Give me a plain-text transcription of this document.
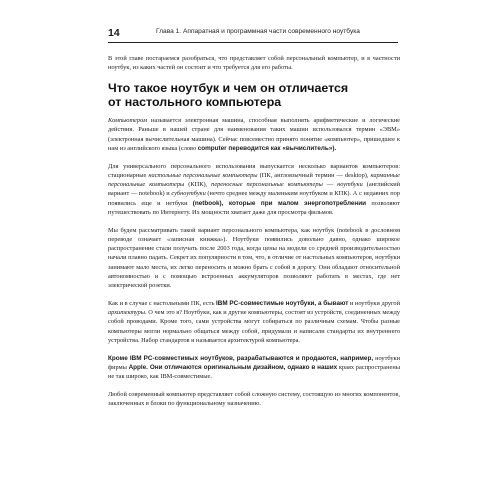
14	Глава 1. Аппаратная и программная части современного ноутбука

В этой главе постараемся разобраться, что представляет собой персональный компьютер, и в частности ноутбук, из каких частей он состоит и что требуется для его работы.

Что такое ноутбук и чем он отличается
от настольного компьютера

Компьютером называется электронная машина, способная выполнять арифметические и логические действия. Раньше в нашей стране для наименования таких машин использовался термин «ЭВМ» (электронная вычислительная машина). Сейчас повсеместно принято понятие «компьютер», пришедшее к нам из английского языка (слово computer переводится как «вычислитель»).

Для универсального персонального использования выпускается несколько вариантов компьютеров: стационарные настольные персональные компьютеры (ПК, англоязычный термин — desktop), карманные персональные компьютеры (КПК), переносные персональные компьютеры — ноутбуки (английский вариант — notebook) и субноутбуки (нечто среднее между маленьким ноутбуком и КПК). А с недавних пор появились еще и нетбуки (netbook), которые при малом энергопотреблении позволяют путешествовать по Интернету. Их мощности хватает даже для просмотра фильмов.

Мы будем рассматривать такой вариант персонального компьютера, как ноутбук (notebook в дословном переводе означает «записная книжка»). Ноутбуки появились довольно давно, однако широкое распространение стали получать после 2003 года, когда цены на модели со средней производительностью начали плавно падать. Секрет их популярности в том, что, в отличие от настольных компьютеров, ноутбуки занимают мало места, их легко переносить и можно брать с собой в дорогу. Они обладают относительной автономностью и с помощью встроенных аккумуляторов позволяют работать в местах, где нет электрической розетки.

Как и в случае с настольными ПК, есть IBM PC-совместимые ноутбуки, а бывают и ноутбуки другой архитектуры. О чем это я? Ноутбуки, как и другие компьютеры, состоят из устройств, соединенных между собой проводами. Кроме того, сами устройства могут собираться по различным схемам. Чтобы разные компьютеры могли нормально общаться между собой, придумали и написали стандарты их внутреннего устройства. Набор стандартов и называется архитектурой компьютера.

Кроме IBM PC-совместимых ноутбуков, разрабатываются и продаются, например, ноутбуки фирмы Apple. Они отличаются оригинальным дизайном, однако в наших краях распространены не так широко, как IBM-совместимые.

Любой современный компьютер представляет собой сложную систему, состоящую из многих компонентов, заключенных в блоки по функциональному назначению.
